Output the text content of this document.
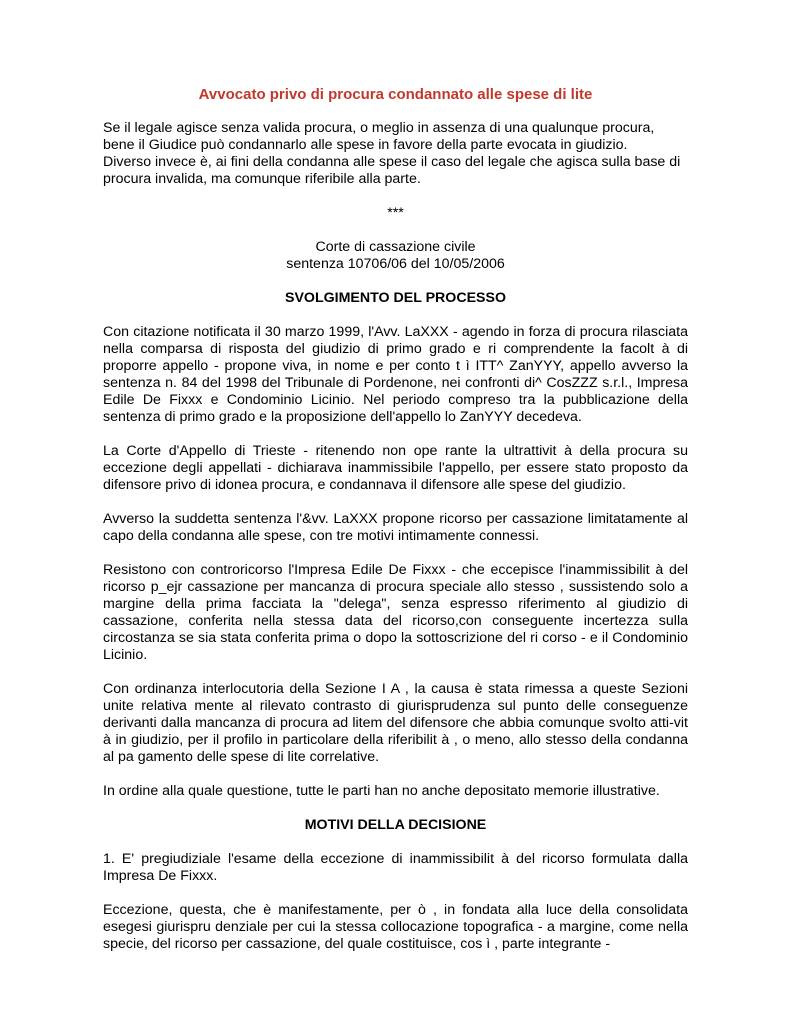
Avvocato privo di procura condannato alle spese di lite

Se il legale agisce senza valida procura, o meglio in assenza di una qualunque procura, bene il Giudice può condannarlo alle spese in favore della parte evocata in giudizio.

Diverso invece è, ai fini della condanna alle spese il caso del legale che agisca sulla base di procura invalida, ma comunque riferibile alla parte.

***

Corte di cassazione civile

sentenza 10706/06 del 10/05/2006

SVOLGIMENTO DEL PROCESSO

Con citazione notificata il 30 marzo 1999, l'Avv. LaXXX - agendo in forza di procura rilasciata nella comparsa di risposta del giudizio di primo grado e ri comprendente la facolt à di proporre appello - propone viva, in nome e per conto t ì ITT^ ZanYYY, appello avverso la sentenza n. 84 del 1998 del Tribunale di Pordenone, nei confronti di^ CosZZZ s.r.l., Impresa Edile De Fixxx e Condominio Licinio. Nel periodo compreso tra la pubblicazione della sentenza di primo grado e la proposizione dell'appello lo ZanYYY decedeva.

La Corte d'Appello di Trieste - ritenendo non ope rante la ultrattivit à della procura su eccezione degli appellati - dichiarava inammissibile l'appello, per essere stato proposto da difensore privo di idonea procura, e condannava il difensore alle spese del giudizio.

Avverso la suddetta sentenza l'&vv. LaXXX propone ricorso per cassazione limitatamente al capo della condanna alle spese, con tre motivi intimamente connessi.

Resistono con controricorso l'Impresa Edile De Fixxx - che eccepisce l'inammissibilit à del ricorso p_ejr cassazione per mancanza di procura speciale allo stesso , sussistendo solo a margine della prima facciata la "delega", senza espresso riferimento al giudizio di cassazione, conferita nella stessa data del ricorso,con conseguente incertezza sulla circostanza se sia stata conferita prima o dopo la sottoscrizione del ri corso - e il Condominio Licinio.

Con ordinanza interlocutoria della Sezione I A , la causa è stata rimessa a queste Sezioni unite relativa mente al rilevato contrasto di giurisprudenza sul punto delle conseguenze derivanti dalla mancanza di procura ad litem del difensore che abbia comunque svolto atti-vit à in giudizio, per il profilo in particolare della riferibilit à , o meno, allo stesso della condanna al pa gamento delle spese di lite correlative.

In ordine alla quale questione, tutte le parti han no anche depositato memorie illustrative.

MOTIVI DELLA DECISIONE

1. E' pregiudiziale l'esame della eccezione di inammissibilit à del ricorso formulata dalla Impresa De Fixxx.

Eccezione, questa, che è manifestamente, per ò , in fondata alla luce della consolidata esegesi giurispru denziale per cui la stessa collocazione topografica - a margine, come nella specie, del ricorso per cassazione, del quale costituisce, cos ì , parte integrante -
